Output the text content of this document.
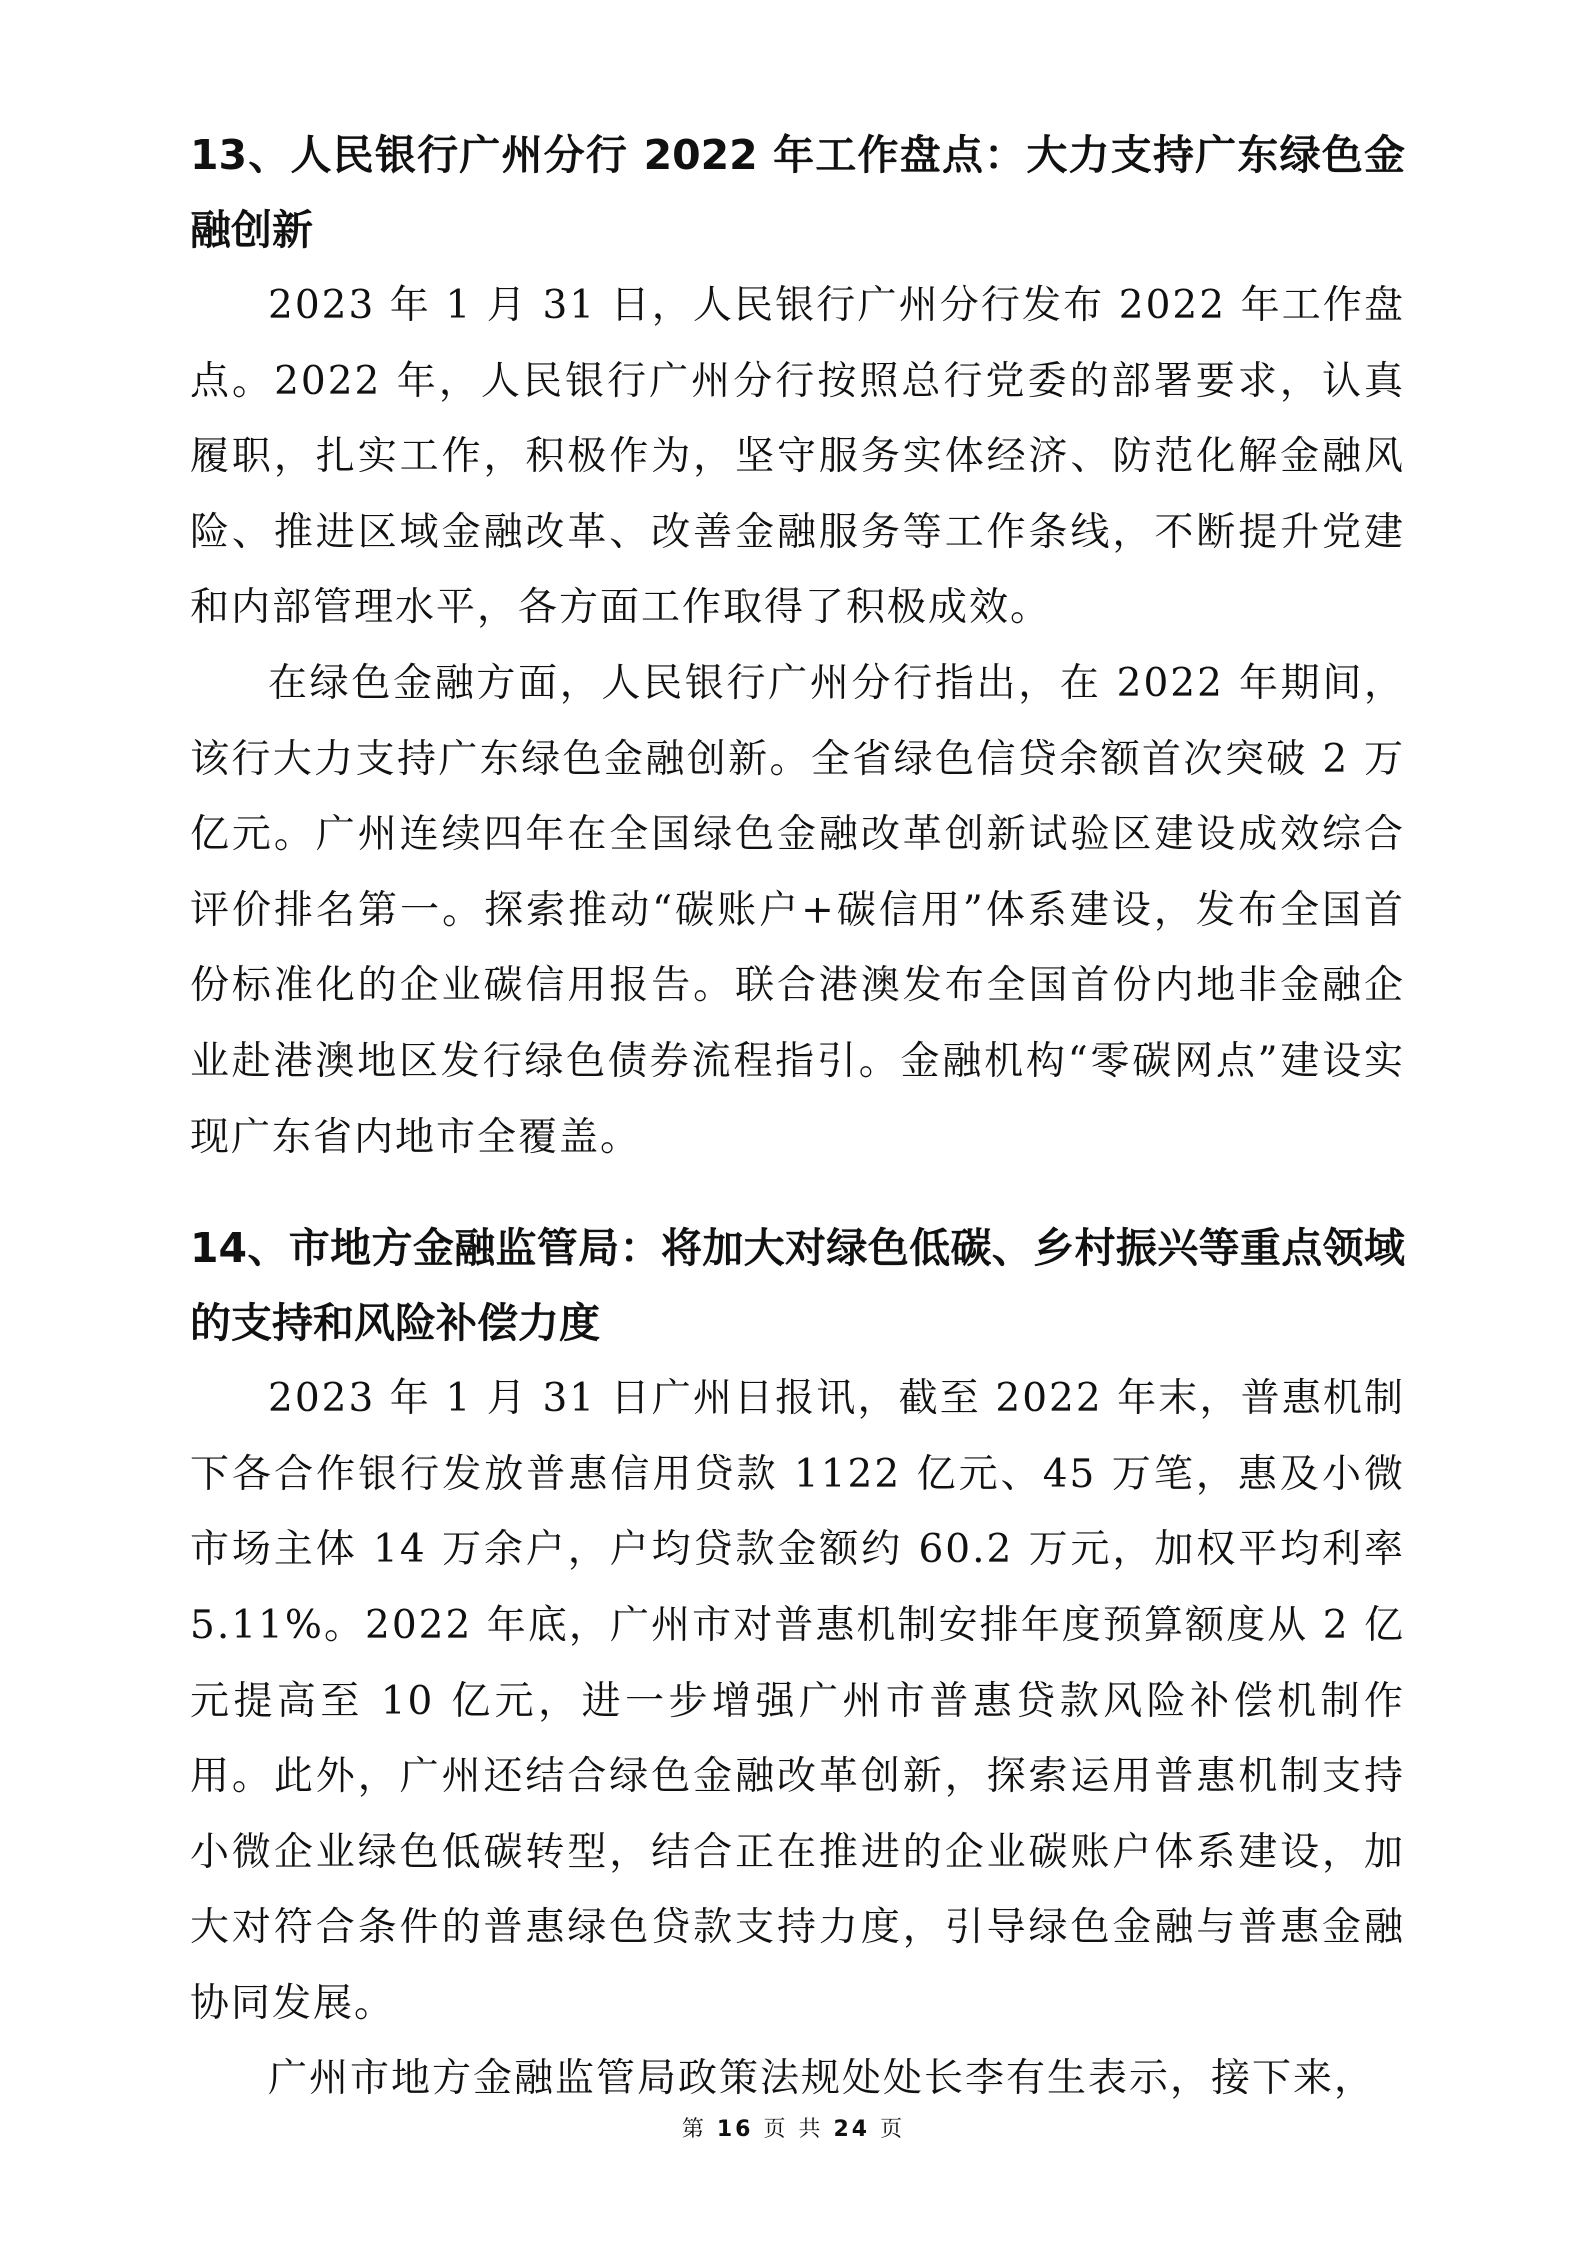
13、人民银行广州分行 2022 年工作盘点：大力支持广东绿色金融创新

2023 年 1 月 31 日，人民银行广州分行发布 2022 年工作盘点。2022 年，人民银行广州分行按照总行党委的部署要求，认真履职，扎实工作，积极作为，坚守服务实体经济、防范化解金融风险、推进区域金融改革、改善金融服务等工作条线，不断提升党建和内部管理水平，各方面工作取得了积极成效。

在绿色金融方面，人民银行广州分行指出，在 2022 年期间，该行大力支持广东绿色金融创新。全省绿色信贷余额首次突破 2 万亿元。广州连续四年在全国绿色金融改革创新试验区建设成效综合评价排名第一。探索推动“碳账户+碳信用”体系建设，发布全国首份标准化的企业碳信用报告。联合港澳发布全国首份内地非金融企业赴港澳地区发行绿色债券流程指引。金融机构“零碳网点”建设实现广东省内地市全覆盖。

14、市地方金融监管局：将加大对绿色低碳、乡村振兴等重点领域的支持和风险补偿力度

2023 年 1 月 31 日广州日报讯，截至 2022 年末，普惠机制下各合作银行发放普惠信用贷款 1122 亿元、45 万笔，惠及小微市场主体 14 万余户，户均贷款金额约 60.2 万元，加权平均利率 5.11%。2022 年底，广州市对普惠机制安排年度预算额度从 2 亿元提高至 10 亿元，进一步增强广州市普惠贷款风险补偿机制作用。此外，广州还结合绿色金融改革创新，探索运用普惠机制支持小微企业绿色低碳转型，结合正在推进的企业碳账户体系建设，加大对符合条件的普惠绿色贷款支持力度，引导绿色金融与普惠金融协同发展。

广州市地方金融监管局政策法规处处长李有生表示，接下来，

第 16 页 共 24 页
